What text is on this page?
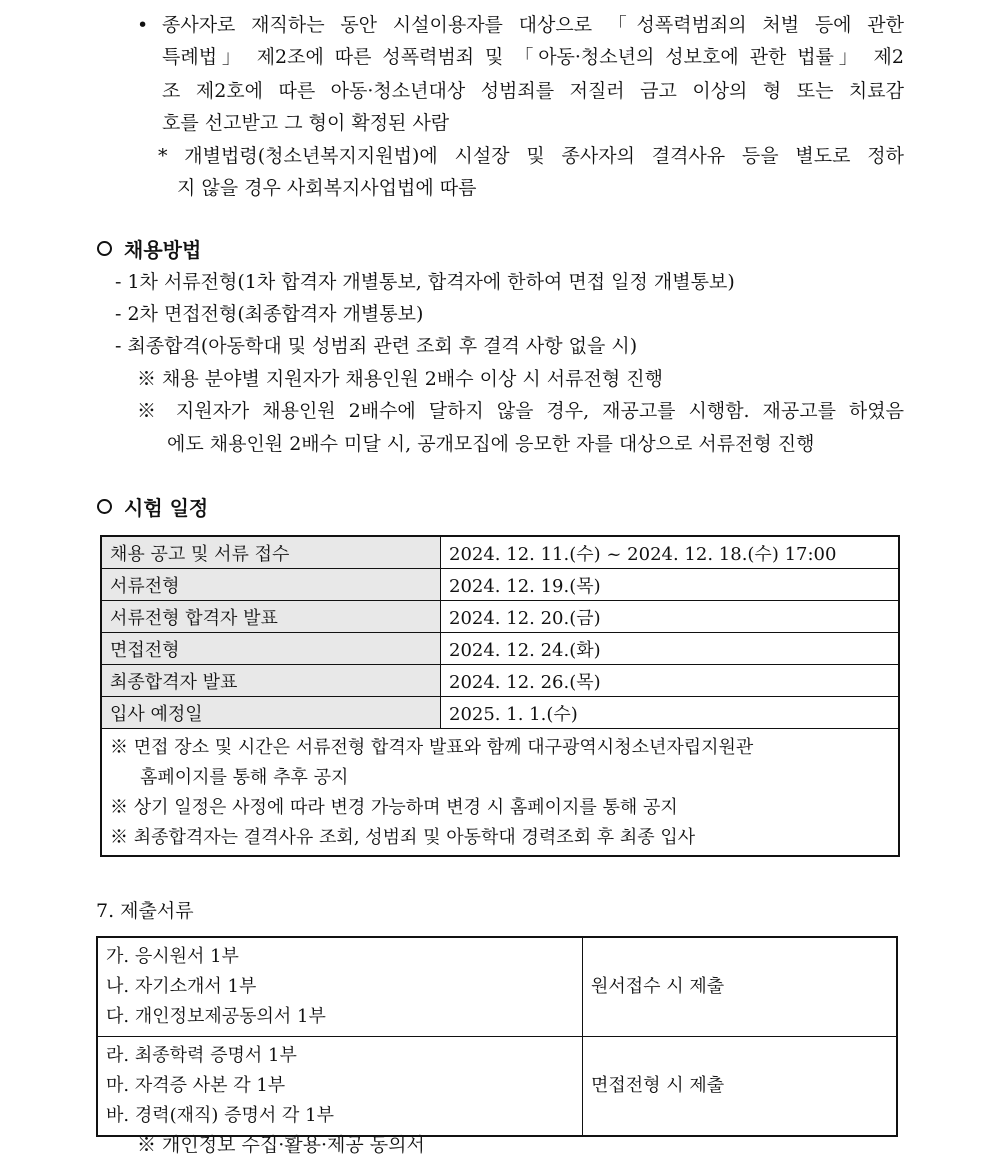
• 종사자로 재직하는 동안 시설이용자를 대상으로 「성폭력범죄의 처벌 등에 관한
특례법」 제2조에 따른 성폭력범죄 및 「아동·청소년의 성보호에 관한 법률」 제2
조 제2호에 따른 아동·청소년대상 성범죄를 저질러 금고 이상의 형 또는 치료감
호를 선고받고 그 형이 확정된 사람
* 개별법령(청소년복지지원법)에 시설장 및 종사자의 결격사유 등을 별도로 정하
지 않을 경우 사회복지사업법에 따름
채용방법
- 1차 서류전형(1차 합격자 개별통보, 합격자에 한하여 면접 일정 개별통보)
- 2차 면접전형(최종합격자 개별통보)
- 최종합격(아동학대 및 성범죄 관련 조회 후 결격 사항 없을 시)
※ 채용 분야별 지원자가 채용인원 2배수 이상 시 서류전형 진행
※ 지원자가 채용인원 2배수에 달하지 않을 경우, 재공고를 시행함. 재공고를 하였음
에도 채용인원 2배수 미달 시, 공개모집에 응모한 자를 대상으로 서류전형 진행
시험 일정
채용 공고 및 서류 접수	2024. 12. 11.(수) ~ 2024. 12. 18.(수) 17:00
서류전형	2024. 12. 19.(목)
서류전형 합격자 발표	2024. 12. 20.(금)
면접전형	2024. 12. 24.(화)
최종합격자 발표	2024. 12. 26.(목)
입사 예정일	2025. 1. 1.(수)

※ 면접 장소 및 시간은 서류전형 합격자 발표와 함께 대구광역시청소년자립지원관
홈페이지를 통해 추후 공지
※ 상기 일정은 사정에 따라 변경 가능하며 변경 시 홈페이지를 통해 공지
※ 최종합격자는 결격사유 조회, 성범죄 및 아동학대 경력조회 후 최종 입사	
7. 제출서류
가. 응시원서 1부
나. 자기소개서 1부
다. 개인정보제공동의서 1부	원서접수 시 제출

라. 최종학력 증명서 1부
마. 자격증 사본 각 1부
바. 경력(재직) 증명서 각 1부	면접전형 시 제출
※ 개인정보 수집·활용·제공 동의서
